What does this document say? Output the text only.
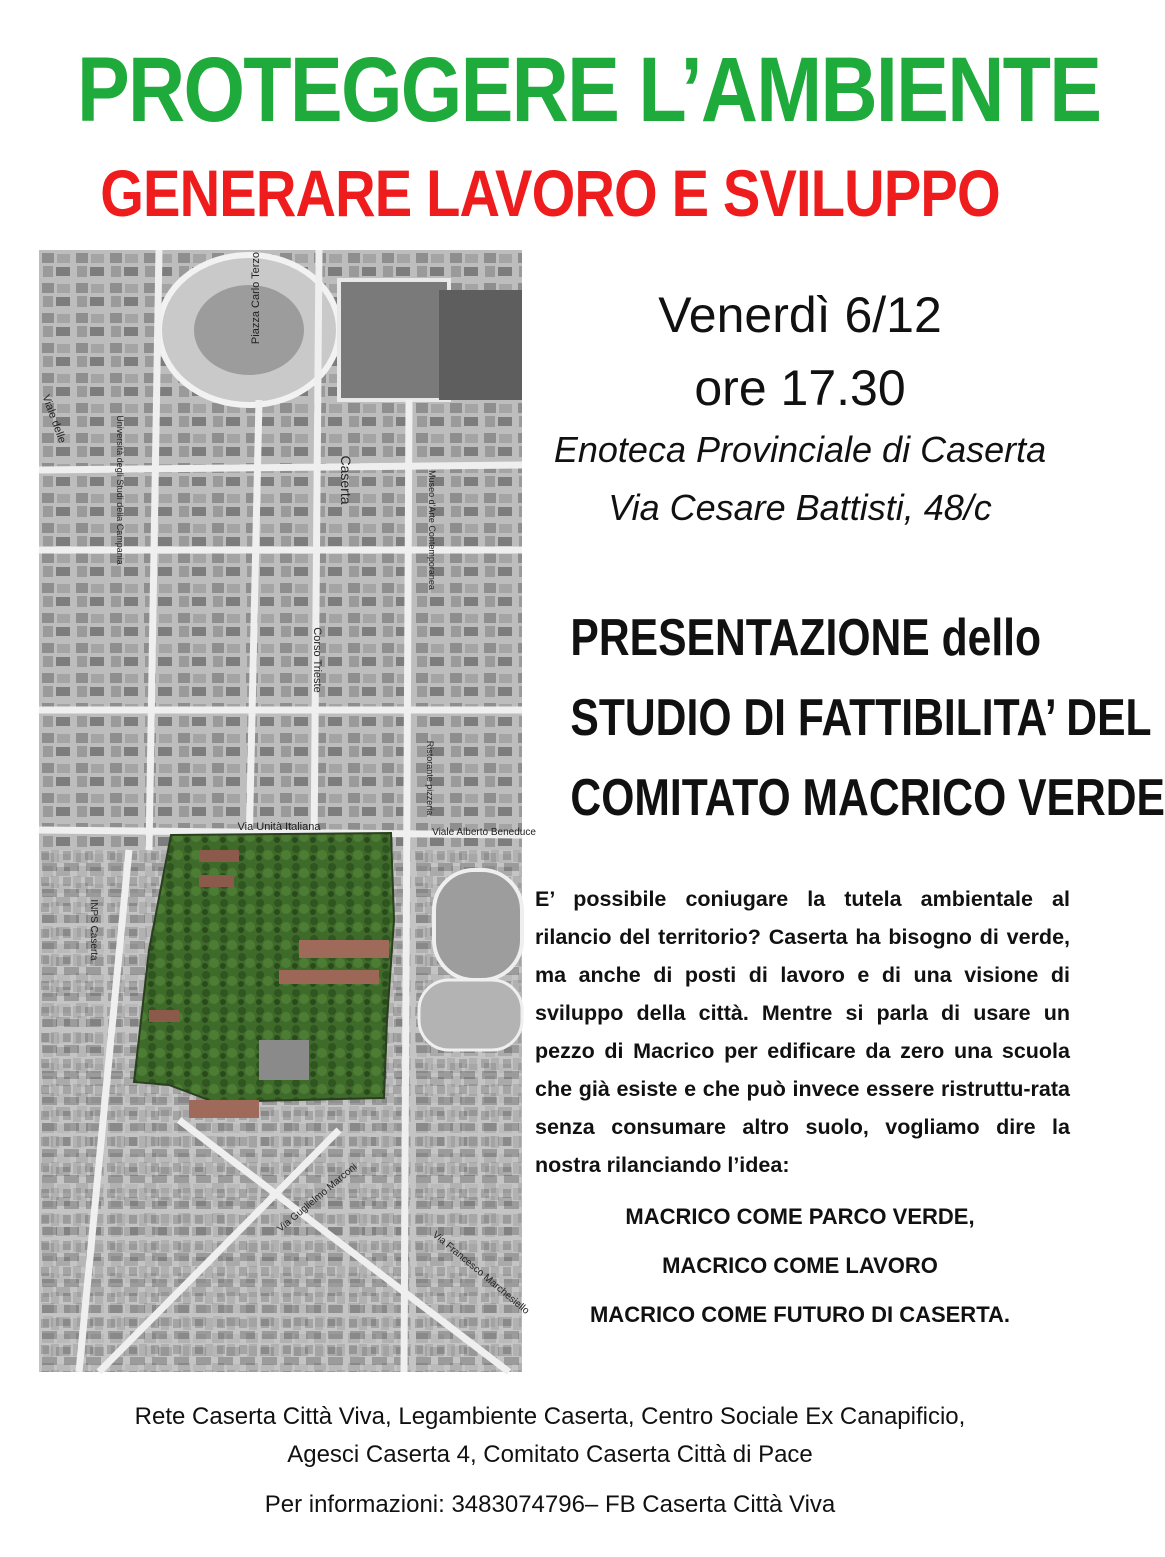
PROTEGGERE L’AMBIENTE
GENERARE LAVORO E SVILUPPO
Piazza Carlo Terzo
Caserta
Università degli Studi della Campania
Viale delle
Museo d'Arte Contemporanea
Corso Trieste
Via Unità Italiana	Viale Alberto Beneduce
INPS Caserta
Via Guglielmo Marconi
Via Francesco Marchesiello
Ristorante pizzeria
Venerdì 6/12
ore 17.30
Enoteca Provinciale di Caserta
Via Cesare Battisti, 48/c
PRESENTAZIONE dello
STUDIO DI FATTIBILITA’ DEL
COMITATO MACRICO VERDE
E’ possibile coniugare la tutela ambientale al rilancio del territorio? Caserta ha bisogno di verde, ma anche di posti di lavoro e di una visione di sviluppo della città. Mentre si parla di usare un pezzo di Macrico per edificare da zero una scuola che già esiste e che può invece essere ristruttu-rata senza consumare altro suolo, vogliamo dire la nostra rilanciando l’idea:
MACRICO COME PARCO VERDE,
MACRICO COME LAVORO
MACRICO COME FUTURO DI CASERTA.
Rete Caserta Città Viva, Legambiente Caserta, Centro Sociale Ex Canapificio,
Agesci Caserta 4, Comitato Caserta Città di Pace
Per informazioni: 3483074796– FB Caserta Città Viva
